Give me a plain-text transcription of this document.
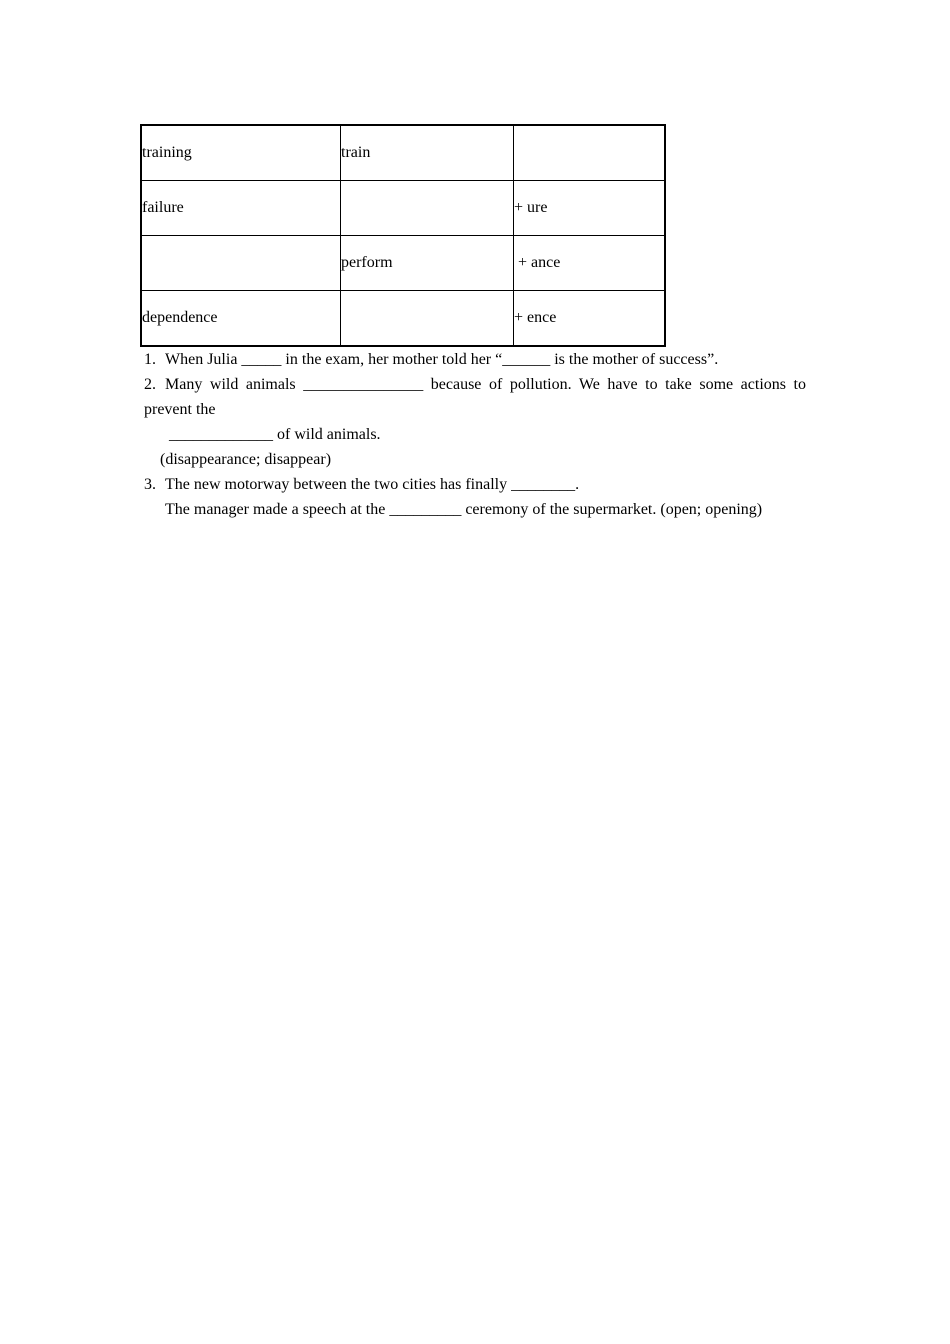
training	train	
failure		+ ure
	perform	+ ance
dependence		+ ence

1. When Julia _____ in the exam, her mother told her “______ is the mother of success”.

2. Many wild animals _______________ because of pollution. We have to take some actions to

prevent the

_____________ of wild animals.

(disappearance; disappear)

3. The new motorway between the two cities has finally ________.

The manager made a speech at the _________ ceremony of the supermarket. (open; opening)
